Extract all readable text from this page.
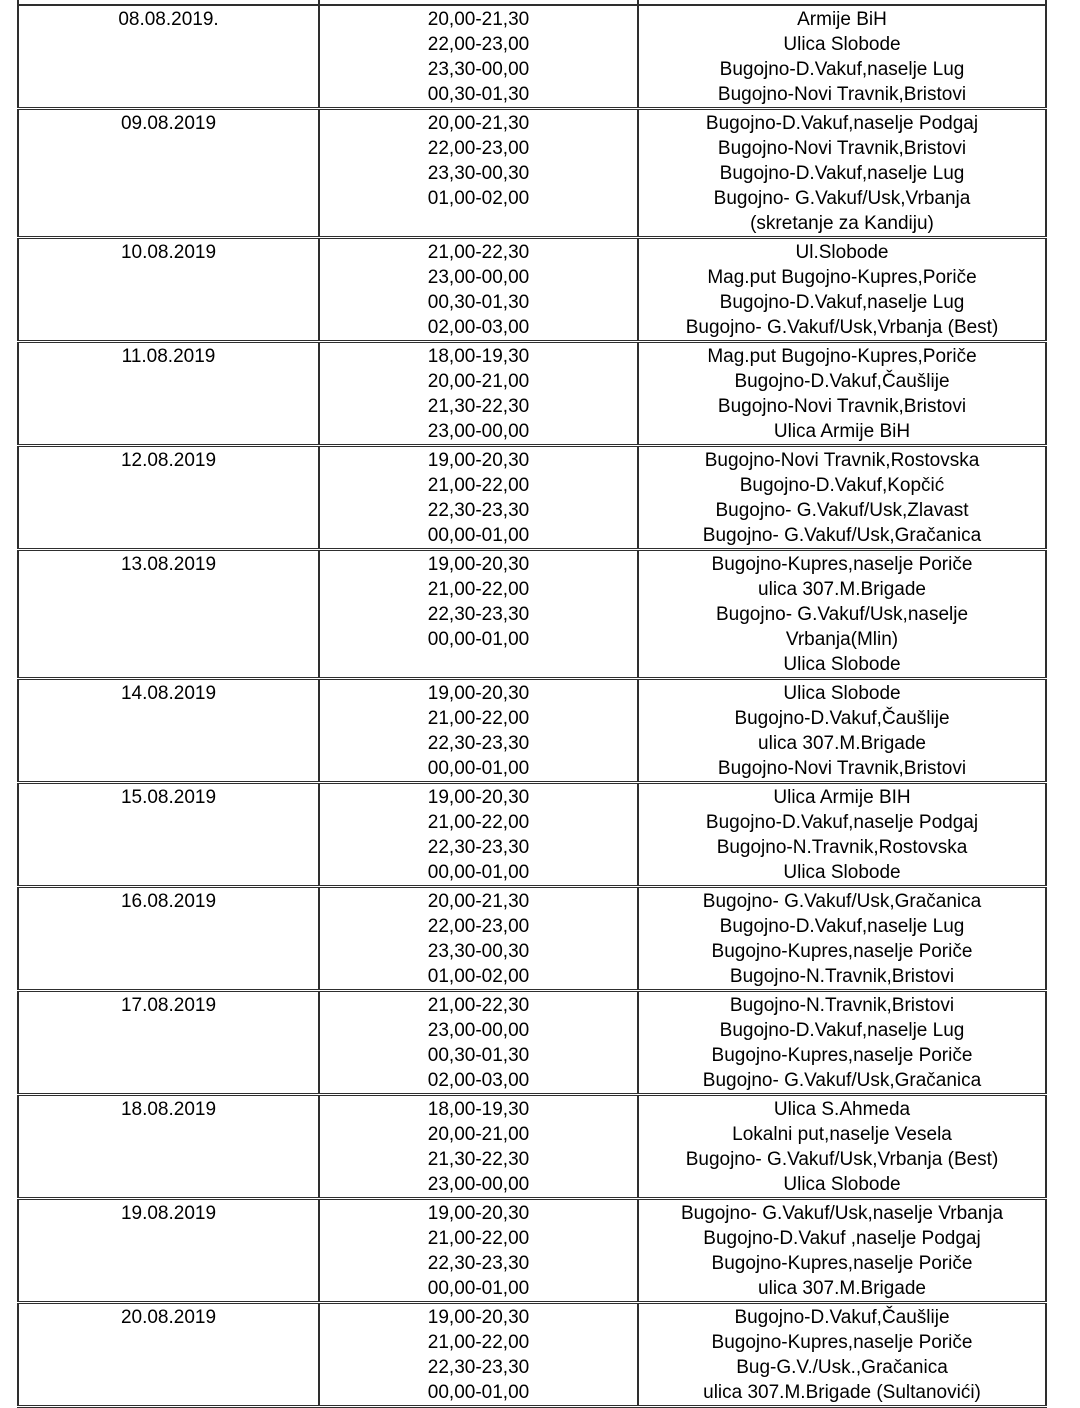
08.08.2019.	20,00-21,30
22,00-23,00
23,30-00,00
00,30-01,30

Armije BiH
Ulica Slobode
Bugojno-D.Vakuf,naselje Lug
Bugojno-Novi Travnik,Bristovi

09.08.2019	20,00-21,30
22,00-23,00
23,30-00,30
01,00-02,00

Bugojno-D.Vakuf,naselje Podgaj
Bugojno-Novi Travnik,Bristovi
Bugojno-D.Vakuf,naselje Lug
Bugojno- G.Vakuf/Usk,Vrbanja
(skretanje za Kandiju)

10.08.2019	21,00-22,30
23,00-00,00
00,30-01,30
02,00-03,00

Ul.Slobode
Mag.put Bugojno-Kupres,Poriče
Bugojno-D.Vakuf,naselje Lug
Bugojno- G.Vakuf/Usk,Vrbanja (Best)

11.08.2019	18,00-19,30
20,00-21,00
21,30-22,30
23,00-00,00

Mag.put Bugojno-Kupres,Poriče
Bugojno-D.Vakuf,Čaušlije
Bugojno-Novi Travnik,Bristovi
Ulica Armije BiH

12.08.2019	19,00-20,30
21,00-22,00
22,30-23,30
00,00-01,00

Bugojno-Novi Travnik,Rostovska
Bugojno-D.Vakuf,Kopčić
Bugojno- G.Vakuf/Usk,Zlavast
Bugojno- G.Vakuf/Usk,Gračanica

13.08.2019	19,00-20,30
21,00-22,00
22,30-23,30
00,00-01,00

Bugojno-Kupres,naselje Poriče
ulica 307.M.Brigade
Bugojno- G.Vakuf/Usk,naselje
Vrbanja(Mlin)
Ulica Slobode

14.08.2019	19,00-20,30
21,00-22,00
22,30-23,30
00,00-01,00

Ulica Slobode
Bugojno-D.Vakuf,Čaušlije
ulica 307.M.Brigade
Bugojno-Novi Travnik,Bristovi

15.08.2019	19,00-20,30
21,00-22,00
22,30-23,30
00,00-01,00

Ulica Armije BIH
Bugojno-D.Vakuf,naselje Podgaj
Bugojno-N.Travnik,Rostovska
Ulica Slobode

16.08.2019	20,00-21,30
22,00-23,00
23,30-00,30
01,00-02,00

Bugojno- G.Vakuf/Usk,Gračanica
Bugojno-D.Vakuf,naselje Lug
Bugojno-Kupres,naselje Poriče
Bugojno-N.Travnik,Bristovi

17.08.2019	21,00-22,30
23,00-00,00
00,30-01,30
02,00-03,00

Bugojno-N.Travnik,Bristovi
Bugojno-D.Vakuf,naselje Lug
Bugojno-Kupres,naselje Poriče
Bugojno- G.Vakuf/Usk,Gračanica

18.08.2019	18,00-19,30
20,00-21,00
21,30-22,30
23,00-00,00

Ulica S.Ahmeda
Lokalni put,naselje Vesela
Bugojno- G.Vakuf/Usk,Vrbanja (Best)
Ulica Slobode

19.08.2019	19,00-20,30
21,00-22,00
22,30-23,30
00,00-01,00

Bugojno- G.Vakuf/Usk,naselje Vrbanja
Bugojno-D.Vakuf ,naselje Podgaj
Bugojno-Kupres,naselje Poriče
ulica 307.M.Brigade

20.08.2019	19,00-20,30
21,00-22,00
22,30-23,30
00,00-01,00

Bugojno-D.Vakuf,Čaušlije
Bugojno-Kupres,naselje Poriče
Bug-G.V./Usk.,Gračanica
ulica 307.M.Brigade (Sultanovići)
